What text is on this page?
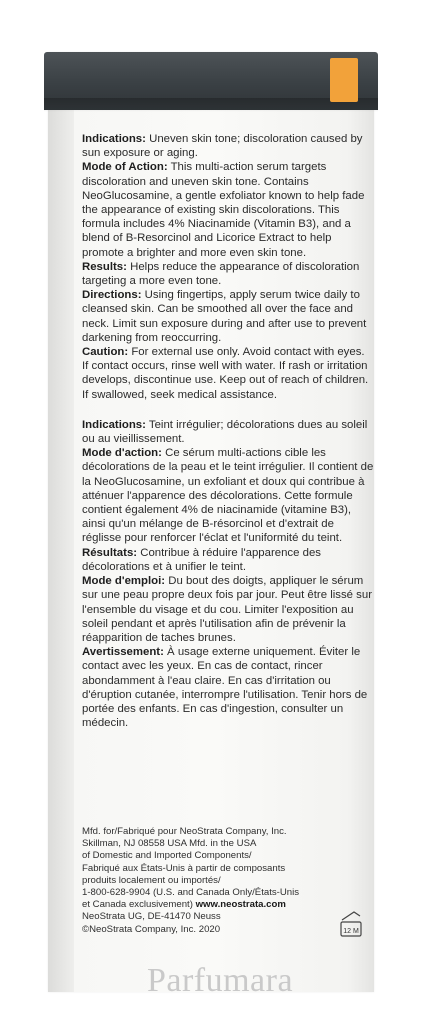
Indications: Uneven skin tone; discoloration caused by sun exposure or aging.

Mode of Action: This multi-action serum targets discoloration and uneven skin tone. Contains NeoGlucosamine, a gentle exfoliator known to help fade the appearance of existing skin discolorations. This formula includes 4% Niacinamide (Vitamin B3), and a blend of B-Resorcinol and Licorice Extract to help promote a brighter and more even skin tone.

Results: Helps reduce the appearance of discoloration targeting a more even tone.

Directions: Using fingertips, apply serum twice daily to cleansed skin. Can be smoothed all over the face and neck. Limit sun exposure during and after use to prevent darkening from reoccurring.

Caution: For external use only. Avoid contact with eyes. If contact occurs, rinse well with water. If rash or irritation develops, discontinue use. Keep out of reach of children. If swallowed, seek medical assistance.

Indications: Teint irrégulier; décolorations dues au soleil ou au vieillissement.

Mode d'action: Ce sérum multi-actions cible les décolorations de la peau et le teint irrégulier. Il contient de la NeoGlucosamine, un exfoliant et doux qui contribue à atténuer l'apparence des décolorations. Cette formule contient également 4% de niacinamide (vitamine B3), ainsi qu'un mélange de B-résorcinol et d'extrait de réglisse pour renforcer l'éclat et l'uniformité du teint.

Résultats: Contribue à réduire l'apparence des décolorations et à unifier le teint.

Mode d'emploi: Du bout des doigts, appliquer le sérum sur une peau propre deux fois par jour. Peut être lissé sur l'ensemble du visage et du cou. Limiter l'exposition au soleil pendant et après l'utilisation afin de prévenir la réapparition de taches brunes.

Avertissement: À usage externe uniquement. Éviter le contact avec les yeux. En cas de contact, rincer abondamment à l'eau claire. En cas d'irritation ou d'éruption cutanée, interrompre l'utilisation. Tenir hors de portée des enfants. En cas d'ingestion, consulter un médecin.

Mfd. for/Fabriqué pour NeoStrata Company, Inc.

Skillman, NJ 08558 USA Mfd. in the USA

of Domestic and Imported Components/

Fabriqué aux États-Unis à partir de composants

produits localement ou importés/

1-800-628-9904 (U.S. and Canada Only/États-Unis

et Canada exclusivement) www.neostrata.com

NeoStrata UG, DE-41470 Neuss

©NeoStrata Company, Inc. 2020	12 M
Parfumara
